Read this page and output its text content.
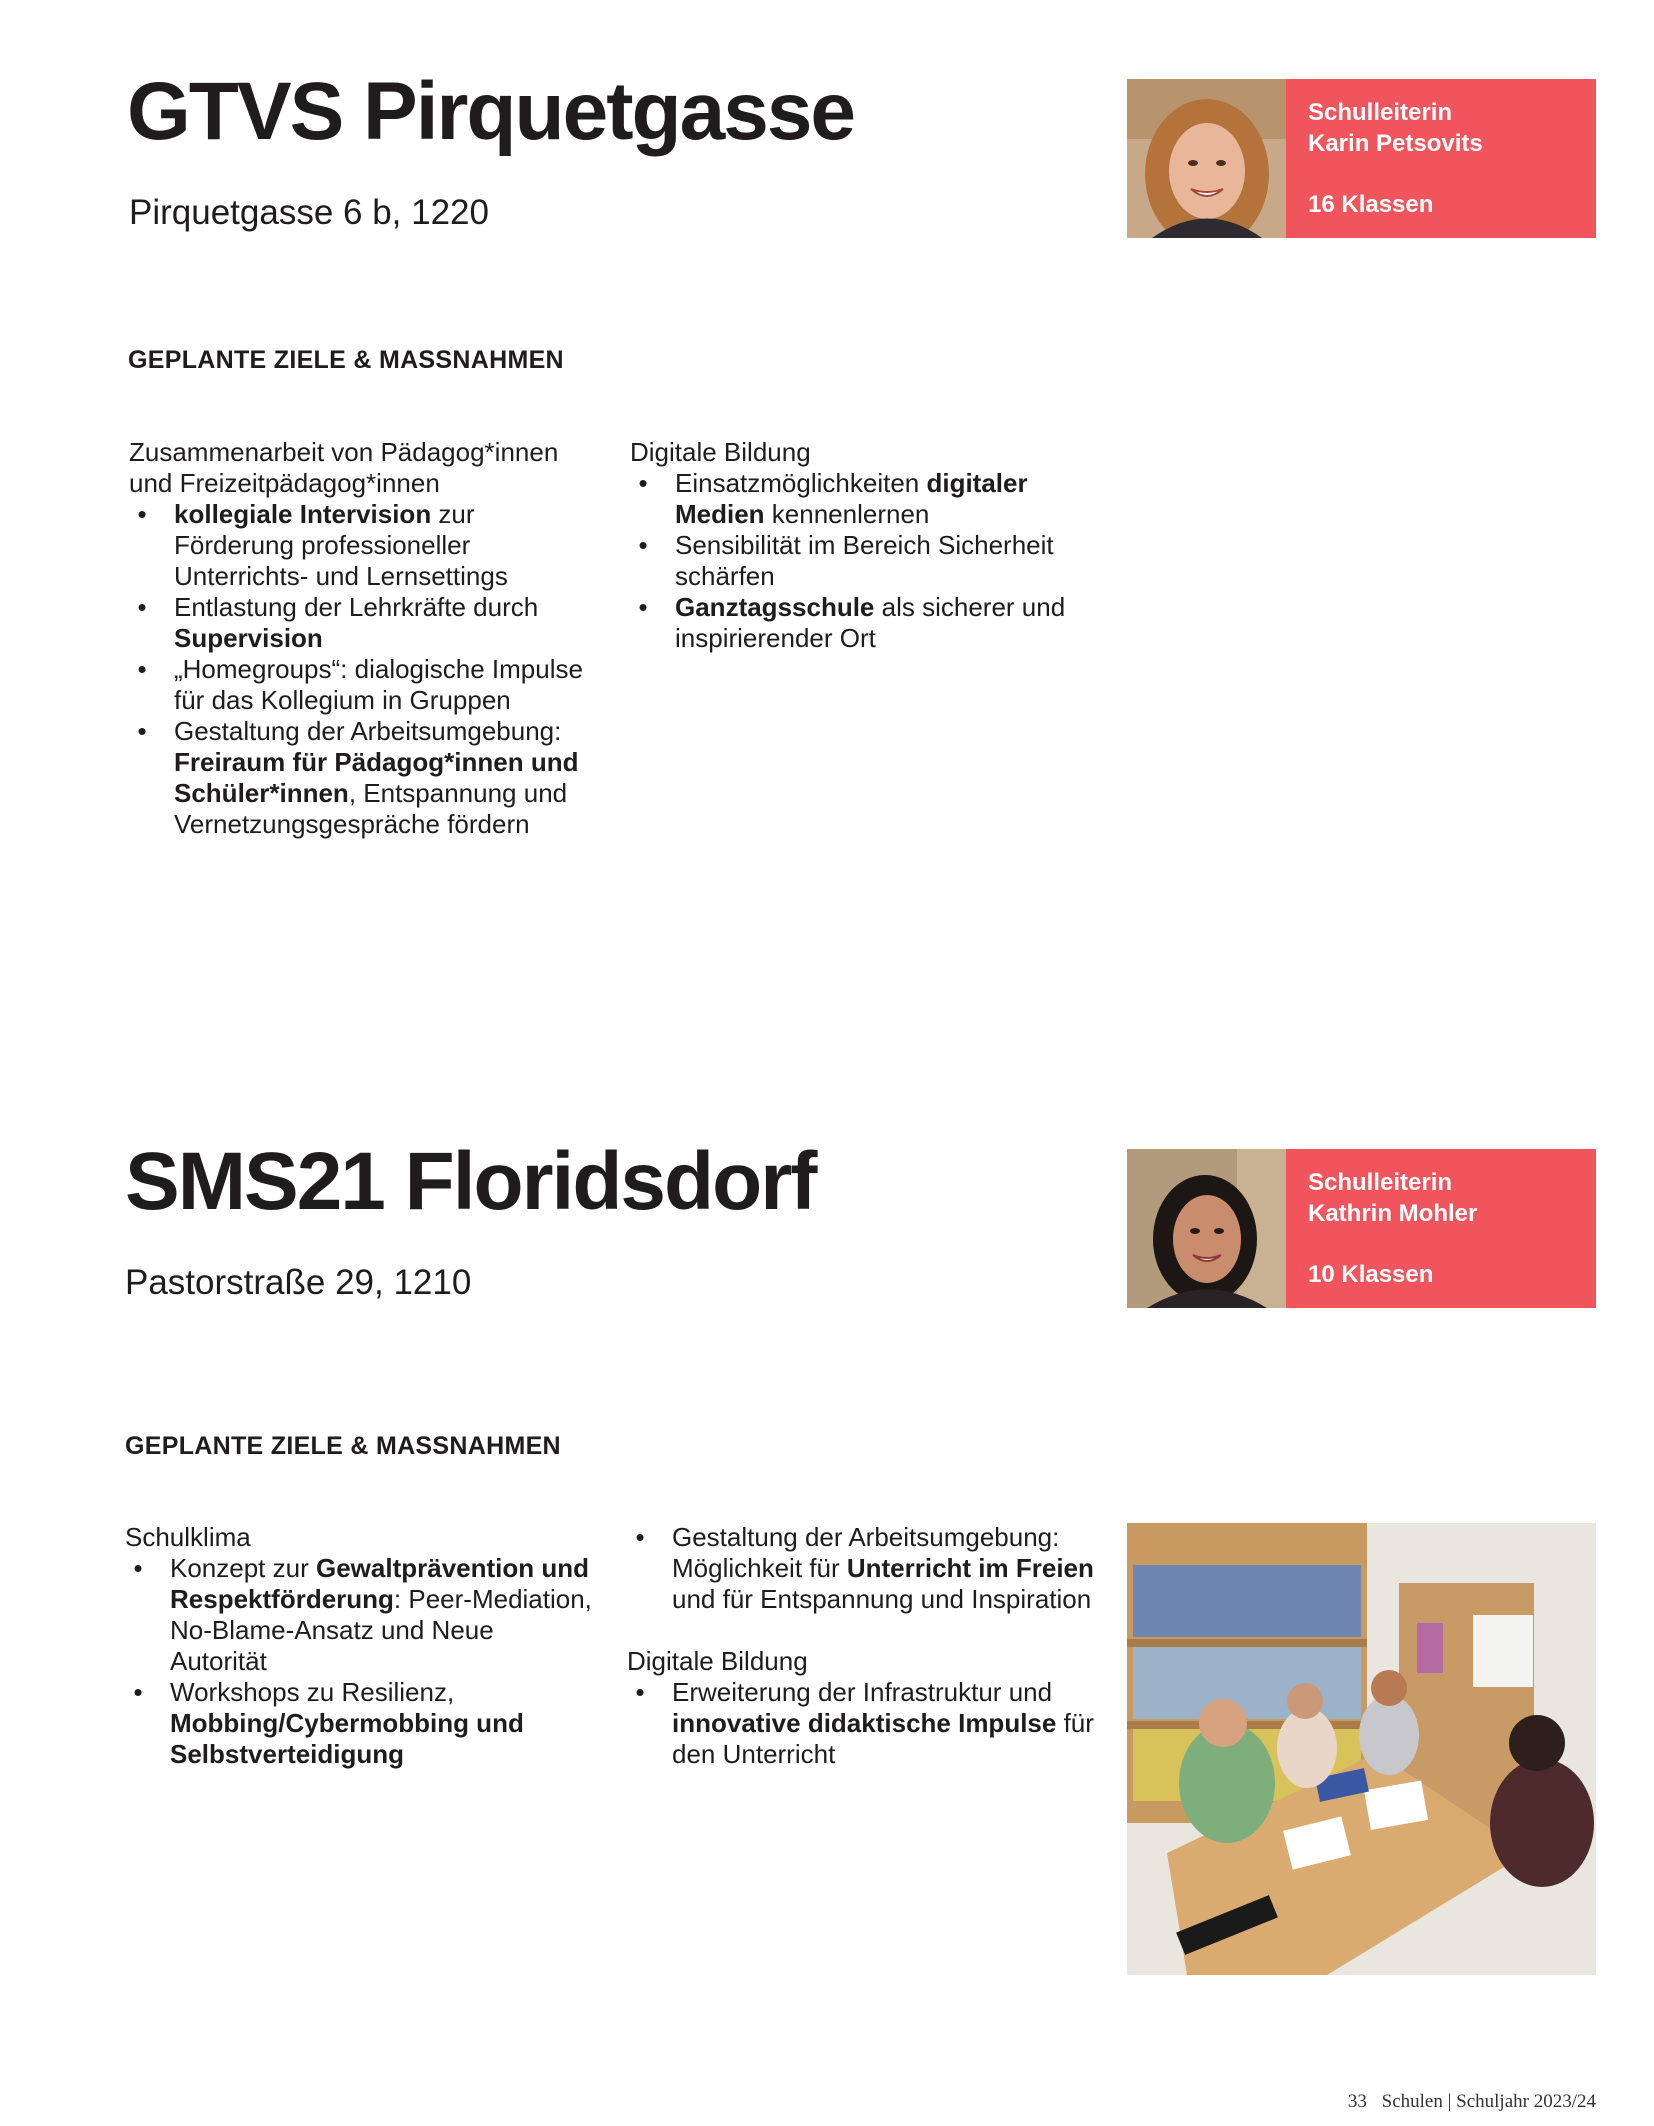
GTVS Pirquetgasse
Pirquetgasse 6 b, 1220
Schulleiterin
Karin Petsovits
16 Klassen
GEPLANTE ZIELE & MASSNAHMEN
Zusammenarbeit von Pädagog*innen und Freizeitpädagog*innen
• kollegiale Intervision zur Förderung professioneller Unterrichts- und Lernsettings
• Entlastung der Lehrkräfte durch Supervision
• „Homegroups“: dialogische Impulse für das Kollegium in Gruppen
• Gestaltung der Arbeitsumgebung: Freiraum für Pädagog*innen und Schüler*innen, Entspannung und Vernetzungsgespräche fördern
Digitale Bildung
• Einsatzmöglichkeiten digitaler Medien kennenlernen
• Sensibilität im Bereich Sicherheit schärfen
• Ganztagsschule als sicherer und inspirierender Ort
SMS21 Floridsdorf
Pastorstraße 29, 1210
Schulleiterin
Kathrin Mohler
10 Klassen
GEPLANTE ZIELE & MASSNAHMEN
Schulklima
• Konzept zur Gewaltprävention und Respektförderung: Peer-Mediation, No-Blame-Ansatz und Neue Autorität
• Workshops zu Resilienz, Mobbing/Cybermobbing und Selbstverteidigung
• Gestaltung der Arbeitsumgebung: Möglichkeit für Unterricht im Freien und für Entspannung und Inspiration
Digitale Bildung
• Erweiterung der Infrastruktur und innovative didaktische Impulse für den Unterricht
33 Schulen | Schuljahr 2023/24
